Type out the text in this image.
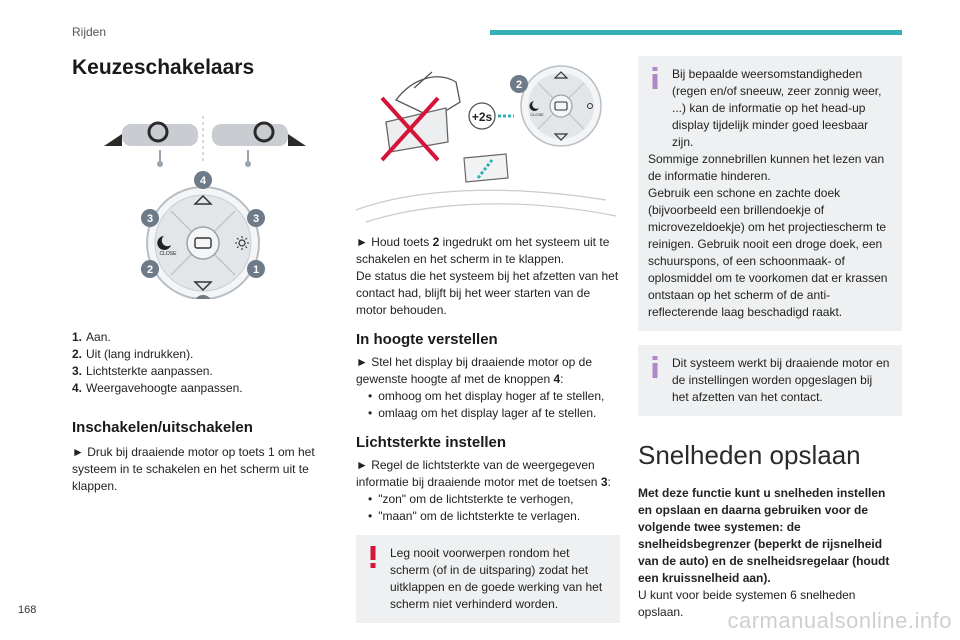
Rijden
Keuzeschakelaars
CLOSE
4
3	3
2	1
1. Aan.
2. Uit (lang indrukken).
3. Lichtsterkte aanpassen.
4. Weergavehoogte aanpassen.
Inschakelen/uitschakelen

► Druk bij draaiende motor op toets 1 om het systeem in te schakelen en het scherm uit te klappen.

+2s	CLOSE
2

► Houd toets 2 ingedrukt om het systeem uit te schakelen en het scherm in te klappen.

De status die het systeem bij het afzetten van het contact had, blijft bij het weer starten van de motor behouden.

In hoogte verstellen

► Stel het display bij draaiende motor op de gewenste hoogte af met de knoppen 4:

• omhoog om het display hoger af te stellen,
• omlaag om het display lager af te stellen.
Lichtsterkte instellen

► Regel de lichtsterkte van de weergegeven informatie bij draaiende motor met de toetsen 3:

• "zon" om de lichtsterkte te verhogen,
• "maan" om de lichtsterkte te verlagen.

Leg nooit voorwerpen rondom het scherm (of in de uitsparing) zodat het uitklappen en de goede werking van het scherm niet verhinderd worden.

Bij bepaalde weersomstandigheden (regen en/of sneeuw, zeer zonnig weer, ...) kan de informatie op het head-up display tijdelijk minder goed leesbaar zijn.

Sommige zonnebrillen kunnen het lezen van de informatie hinderen.

Gebruik een schone en zachte doek (bijvoorbeeld een brillendoekje of microvezeldoekje) om het projectiescherm te reinigen. Gebruik nooit een droge doek, een schuurspons, of een schoonmaak- of oplosmiddel om te voorkomen dat er krassen ontstaan op het scherm of de anti-reflecterende laag beschadigd raakt.

Dit systeem werkt bij draaiende motor en de instellingen worden opgeslagen bij het afzetten van het contact.

Snelheden opslaan

Met deze functie kunt u snelheden instellen en opslaan en daarna gebruiken voor de volgende twee systemen: de snelheidsbegrenzer (beperkt de rijsnelheid van de auto) en de snelheidsregelaar (houdt een kruissnelheid aan).

U kunt voor beide systemen 6 snelheden opslaan.

168	carmanualsonline.info
